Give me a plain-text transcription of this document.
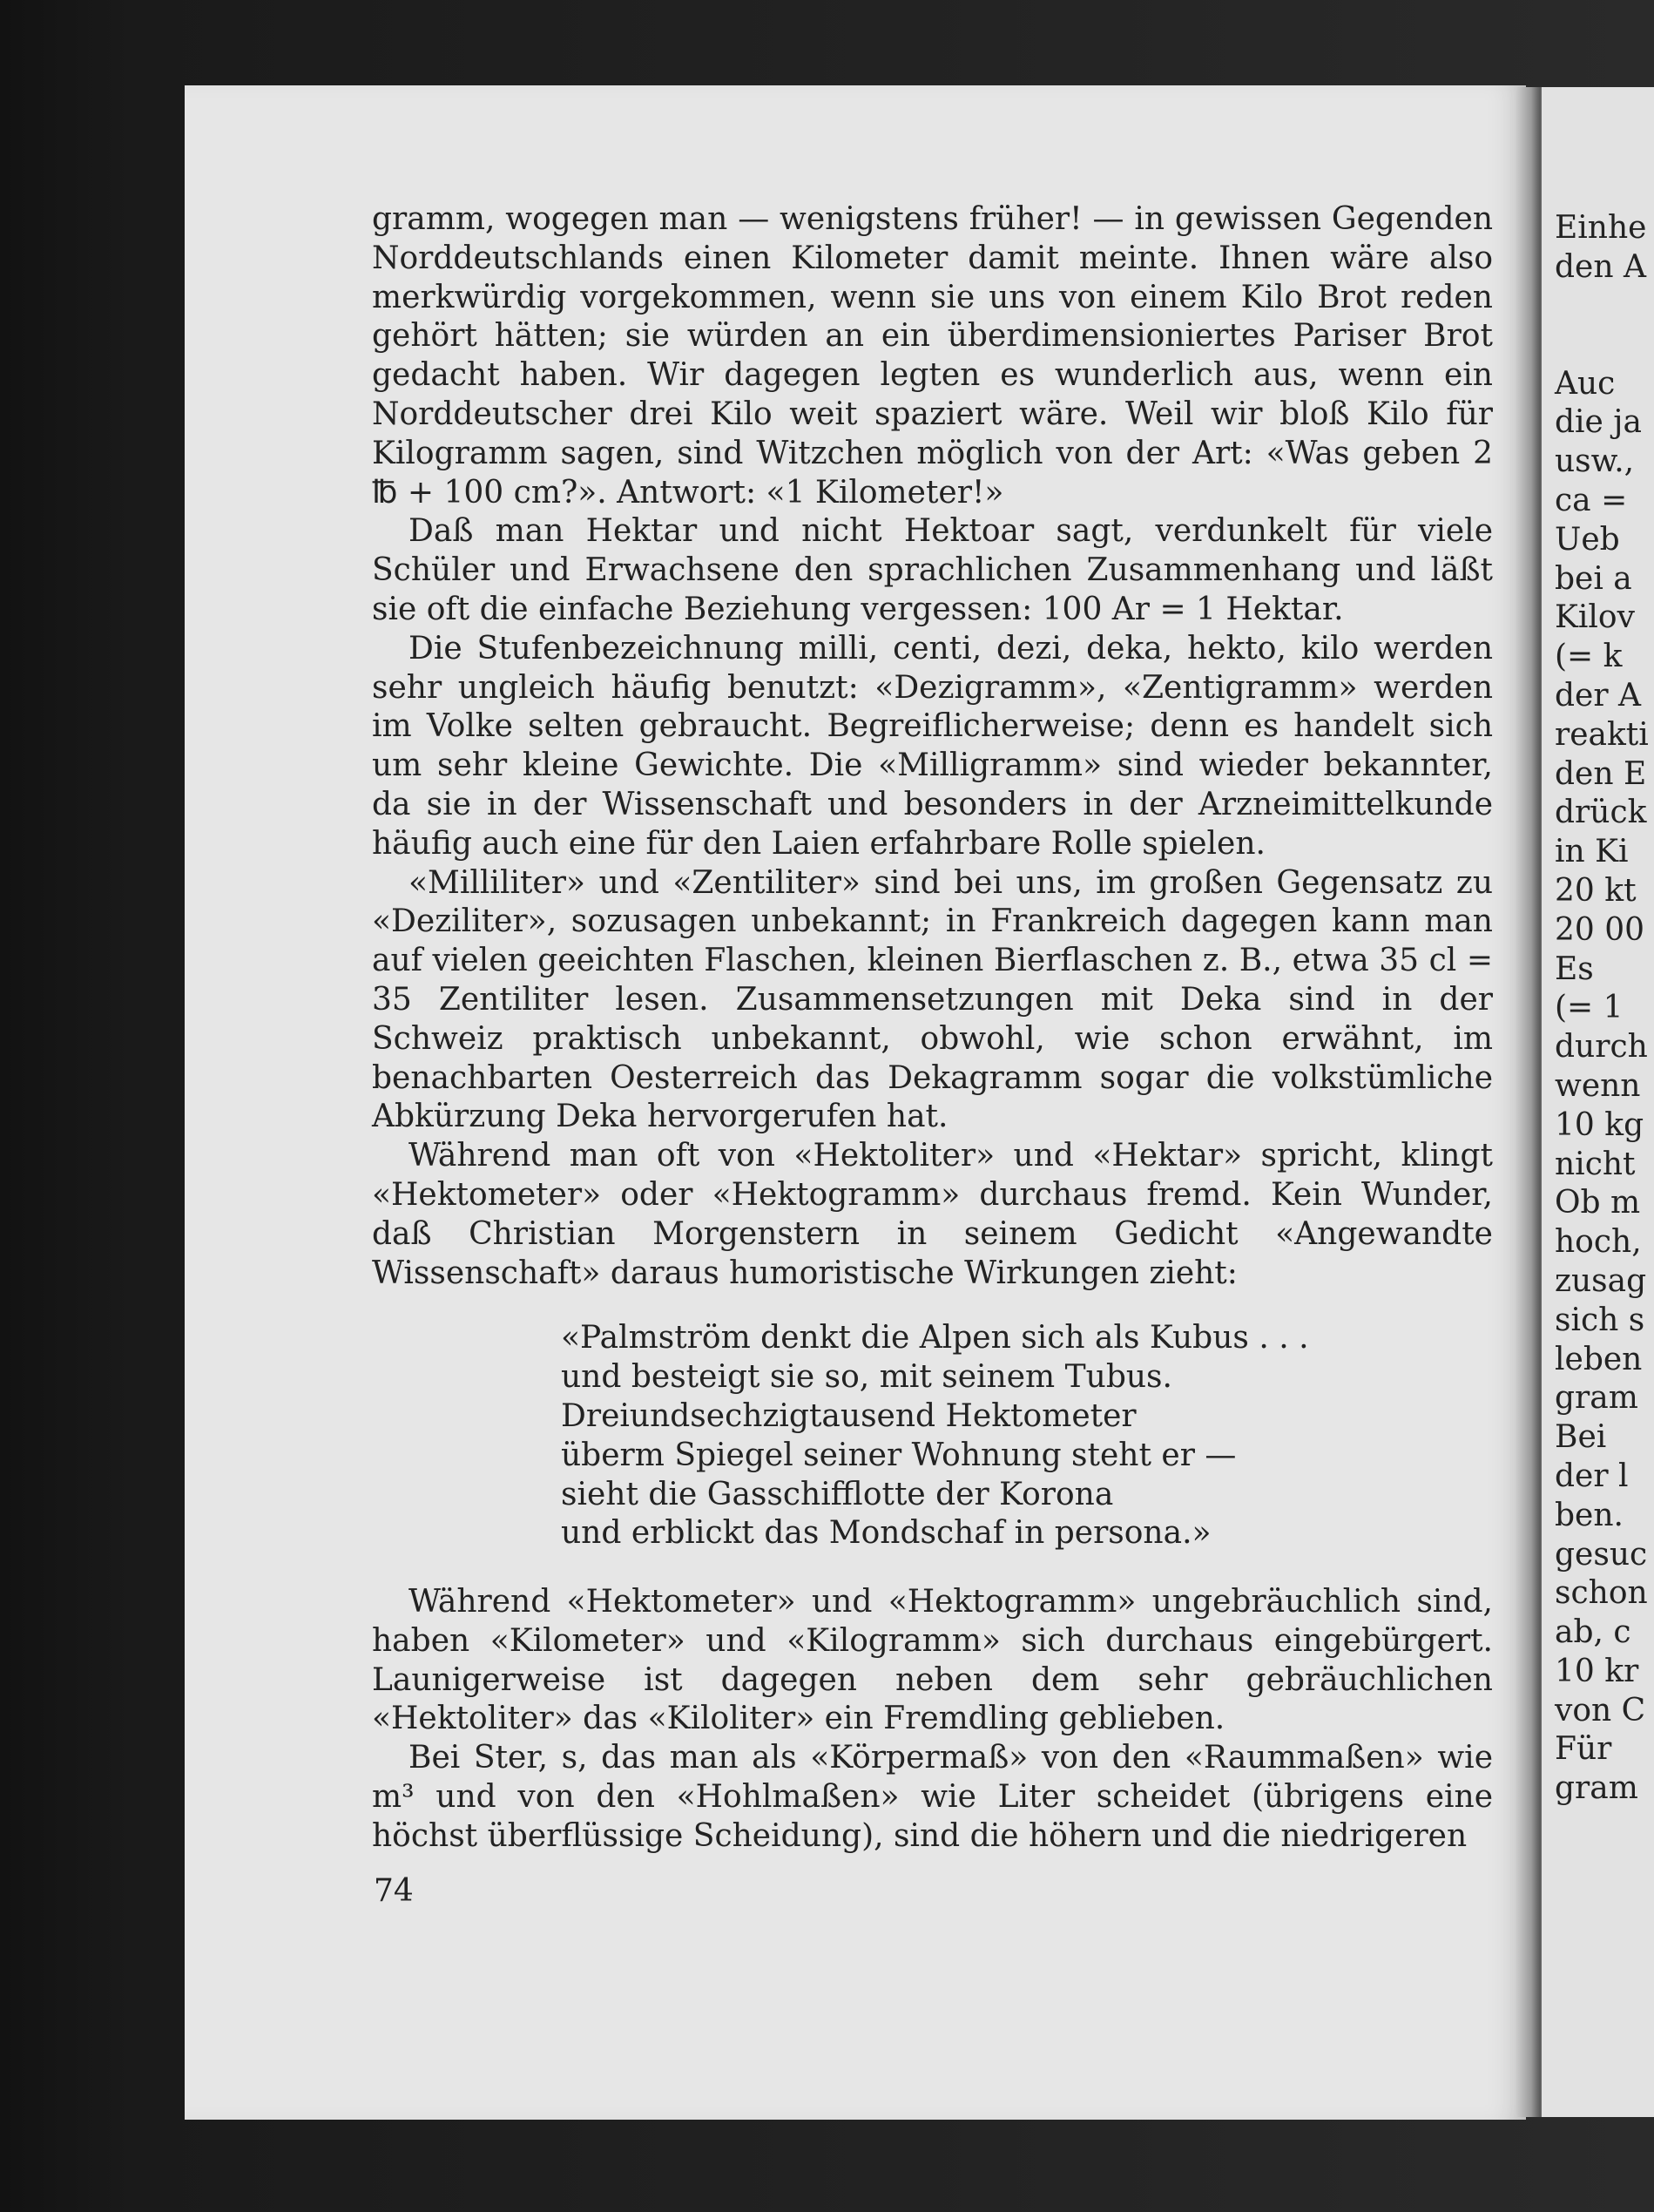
gramm, wogegen man — wenigstens früher! — in gewissen Gegenden Norddeutschlands einen Kilometer damit meinte. Ihnen wäre also merkwürdig vorgekommen, wenn sie uns von einem Kilo Brot reden gehört hätten; sie würden an ein überdimensioniertes Pariser Brot gedacht haben. Wir dagegen legten es wunderlich aus, wenn ein Norddeutscher drei Kilo weit spaziert wäre. Weil wir bloß Kilo für Kilogramm sagen, sind Witzchen möglich von der Art: «Was geben 2 ℔ + 100 cm?». Antwort: «1 Kilometer!»

Daß man Hektar und nicht Hektoar sagt, verdunkelt für viele Schüler und Erwachsene den sprachlichen Zusammenhang und läßt sie oft die einfache Beziehung vergessen: 100 Ar = 1 Hektar.

Die Stufenbezeichnung milli, centi, dezi, deka, hekto, kilo werden sehr ungleich häufig benutzt: «Dezigramm», «Zentigramm» werden im Volke selten gebraucht. Begreiflicherweise; denn es handelt sich um sehr kleine Gewichte. Die «Milligramm» sind wieder bekannter, da sie in der Wissenschaft und besonders in der Arzneimittelkunde häufig auch eine für den Laien erfahrbare Rolle spielen.

«Milliliter» und «Zentiliter» sind bei uns, im großen Gegensatz zu «Deziliter», sozusagen unbekannt; in Frankreich dagegen kann man auf vielen geeichten Flaschen, kleinen Bierflaschen z. B., etwa 35 cl = 35 Zentiliter lesen. Zusammensetzungen mit Deka sind in der Schweiz praktisch unbekannt, obwohl, wie schon erwähnt, im benachbarten Oesterreich das Dekagramm sogar die volkstümliche Abkürzung Deka hervorgerufen hat.

Während man oft von «Hektoliter» und «Hektar» spricht, klingt «Hektometer» oder «Hektogramm» durchaus fremd. Kein Wunder, daß Christian Morgenstern in seinem Gedicht «Angewandte Wissenschaft» daraus humoristische Wirkungen zieht:

«Palmström denkt die Alpen sich als Kubus . . .
und besteigt sie so, mit seinem Tubus.
Dreiundsechzigtausend Hektometer
überm Spiegel seiner Wohnung steht er —
sieht die Gasschifflotte der Korona
und erblickt das Mondschaf in persona.»

Während «Hektometer» und «Hektogramm» ungebräuchlich sind, haben «Kilometer» und «Kilogramm» sich durchaus eingebürgert. Launigerweise ist dagegen neben dem sehr gebräuchlichen «Hektoliter» das «Kiloliter» ein Fremdling geblieben.

Bei Ster, s, das man als «Körpermaß» von den «Raummaßen» wie m³ und von den «Hohlmaßen» wie Liter scheidet (übrigens eine höchst überflüssige Scheidung), sind die höhern und die niedrigeren

74
Einhe
den A
Auc
die ja
usw.,
ca =
Ueb
bei a
Kilov
(= k
der A
reakti
den E
drück
in Ki
20 kt
20 00
Es
(= 1
durch
wenn
10 kg
nicht
Ob m
hoch,
zusag
sich s
leben
gram
Bei
der l
ben.
gesuc
schon
ab, c
10 kr
von C
Für
gram
